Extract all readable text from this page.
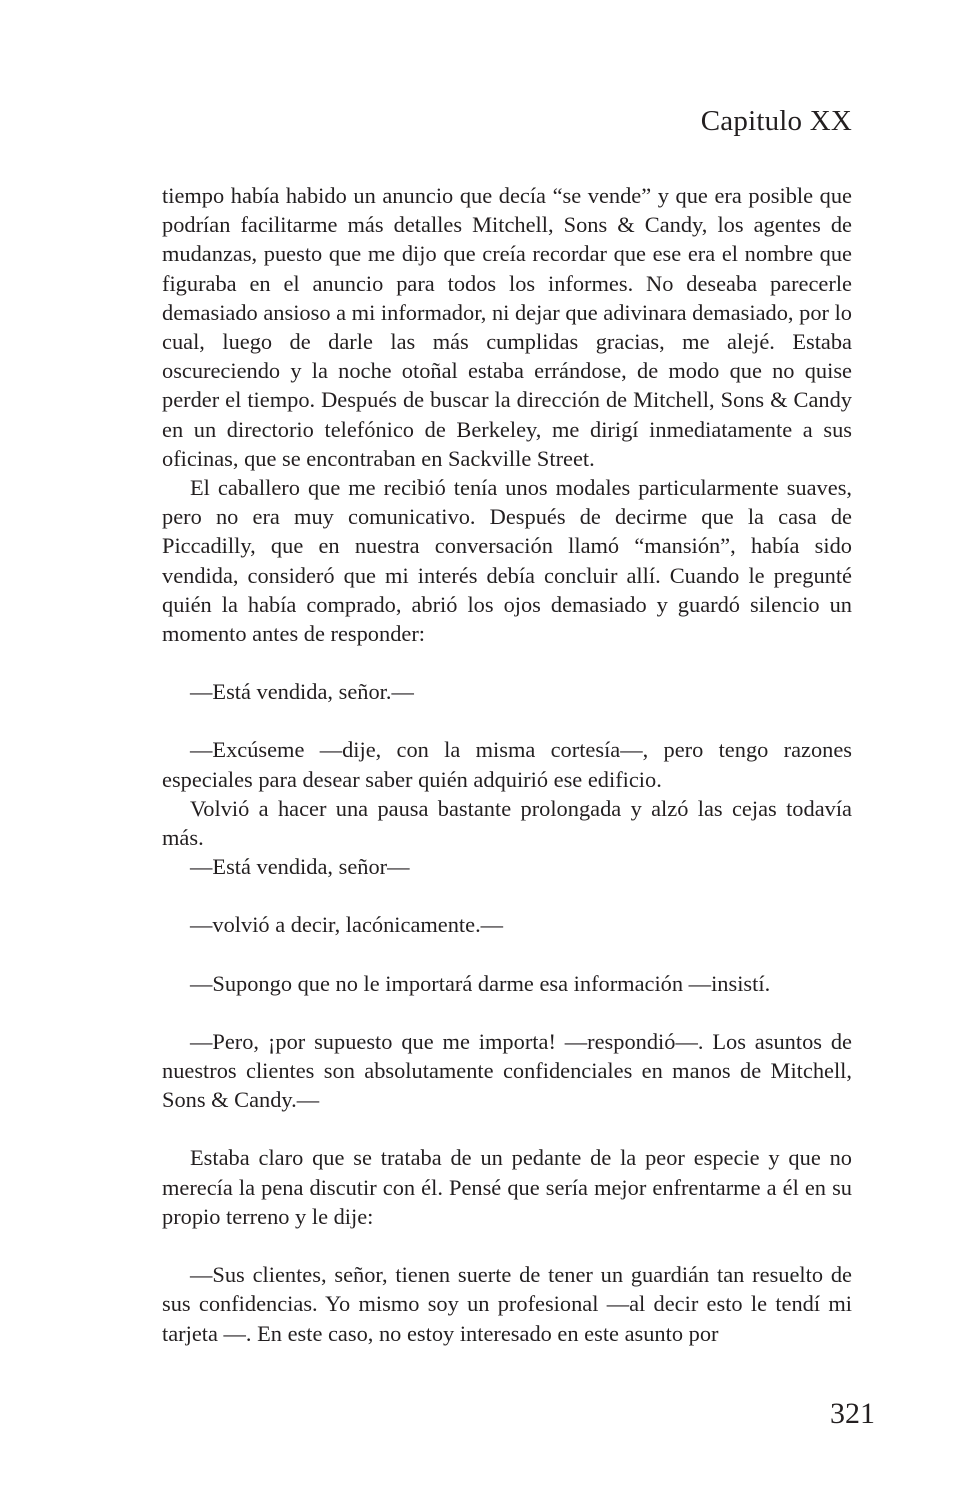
Capitulo XX

tiempo había habido un anuncio que decía “se vende” y que era posible que podrían facilitarme más detalles Mitchell, Sons & Candy, los agentes de mudanzas, puesto que me dijo que creía recordar que ese era el nombre que figuraba en el anuncio para todos los informes. No deseaba parecerle demasiado ansioso a mi informador, ni dejar que adivinara demasiado, por lo cual, luego de darle las más cumplidas gracias, me alejé. Estaba oscureciendo y la noche otoñal estaba errándose, de modo que no quise perder el tiempo. Después de buscar la dirección de Mitchell, Sons & Candy en un directorio telefónico de Berkeley, me dirigí inmediatamente a sus oficinas, que se encontraban en Sackville Street.

El caballero que me recibió tenía unos modales particularmente suaves, pero no era muy comunicativo. Después de decirme que la casa de Piccadilly, que en nuestra conversación llamó “mansión”, había sido vendida, consideró que mi interés debía concluir allí. Cuando le pregunté quién la había comprado, abrió los ojos demasiado y guardó silencio un momento antes de responder:

—Está vendida, señor.—

—Excúseme —dije, con la misma cortesía—, pero tengo razones especiales para desear saber quién adquirió ese edificio.

Volvió a hacer una pausa bastante prolongada y alzó las cejas todavía más.

—Está vendida, señor—

—volvió a decir, lacónicamente.—

—Supongo que no le importará darme esa información —insistí.

—Pero, ¡por supuesto que me importa! —respondió—. Los asuntos de nuestros clientes son absolutamente confidenciales en manos de Mitchell, Sons & Candy.—

Estaba claro que se trataba de un pedante de la peor especie y que no merecía la pena discutir con él. Pensé que sería mejor enfrentarme a él en su propio terreno y le dije:

—Sus clientes, señor, tienen suerte de tener un guardián tan resuelto de sus confidencias. Yo mismo soy un profesional —al decir esto le tendí mi tarjeta —. En este caso, no estoy interesado en este asunto por

321
